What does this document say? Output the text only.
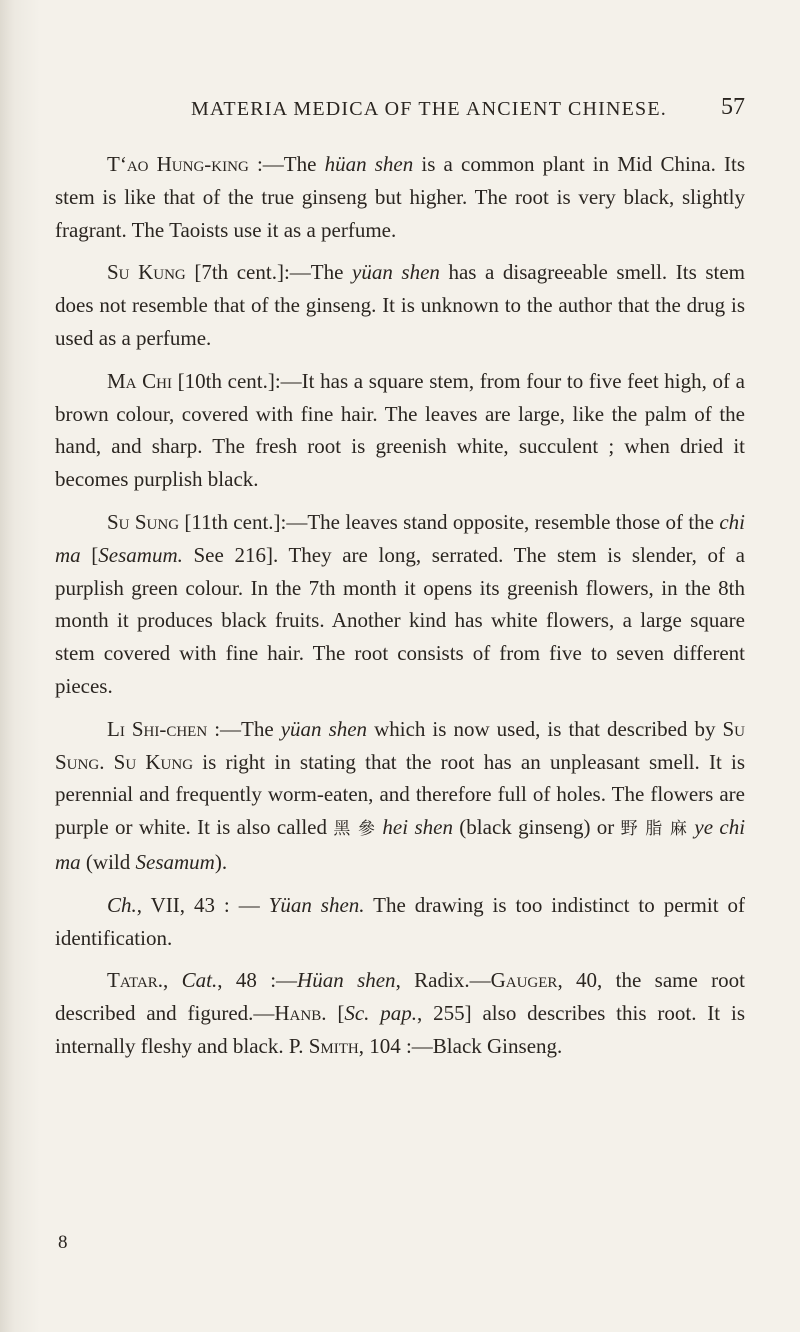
MATERIA MEDICA OF THE ANCIENT CHINESE.	57

T‘ao Hung-king :—The hüan shen is a common plant in Mid China. Its stem is like that of the true ginseng but higher. The root is very black, slightly fragrant. The Taoists use it as a perfume.

Su Kung [7th cent.]:—The yüan shen has a disagreeable smell. Its stem does not resemble that of the ginseng. It is unknown to the author that the drug is used as a perfume.

Ma Chi [10th cent.]:—It has a square stem, from four to five feet high, of a brown colour, covered with fine hair. The leaves are large, like the palm of the hand, and sharp. The fresh root is greenish white, succulent ; when dried it becomes purplish black.

Su Sung [11th cent.]:—The leaves stand opposite, resemble those of the chi ma [Sesamum. See 216]. They are long, serrated. The stem is slender, of a purplish green colour. In the 7th month it opens its greenish flowers, in the 8th month it produces black fruits. Another kind has white flowers, a large square stem covered with fine hair. The root consists of from five to seven different pieces.

Li Shi-chen :—The yüan shen which is now used, is that described by Su Sung. Su Kung is right in stating that the root has an unpleasant smell. It is perennial and frequently worm-eaten, and therefore full of holes. The flowers are purple or white. It is also called 黑 參 hei shen (black ginseng) or 野 脂 麻 ye chi ma (wild Sesamum).

Ch., VII, 43 : — Yüan shen. The drawing is too indistinct to permit of identification.

Tatar., Cat., 48 :—Hüan shen, Radix.—Gauger, 40, the same root described and figured.—Hanb. [Sc. pap., 255] also describes this root. It is internally fleshy and black. P. Smith, 104 :—Black Ginseng.

8
